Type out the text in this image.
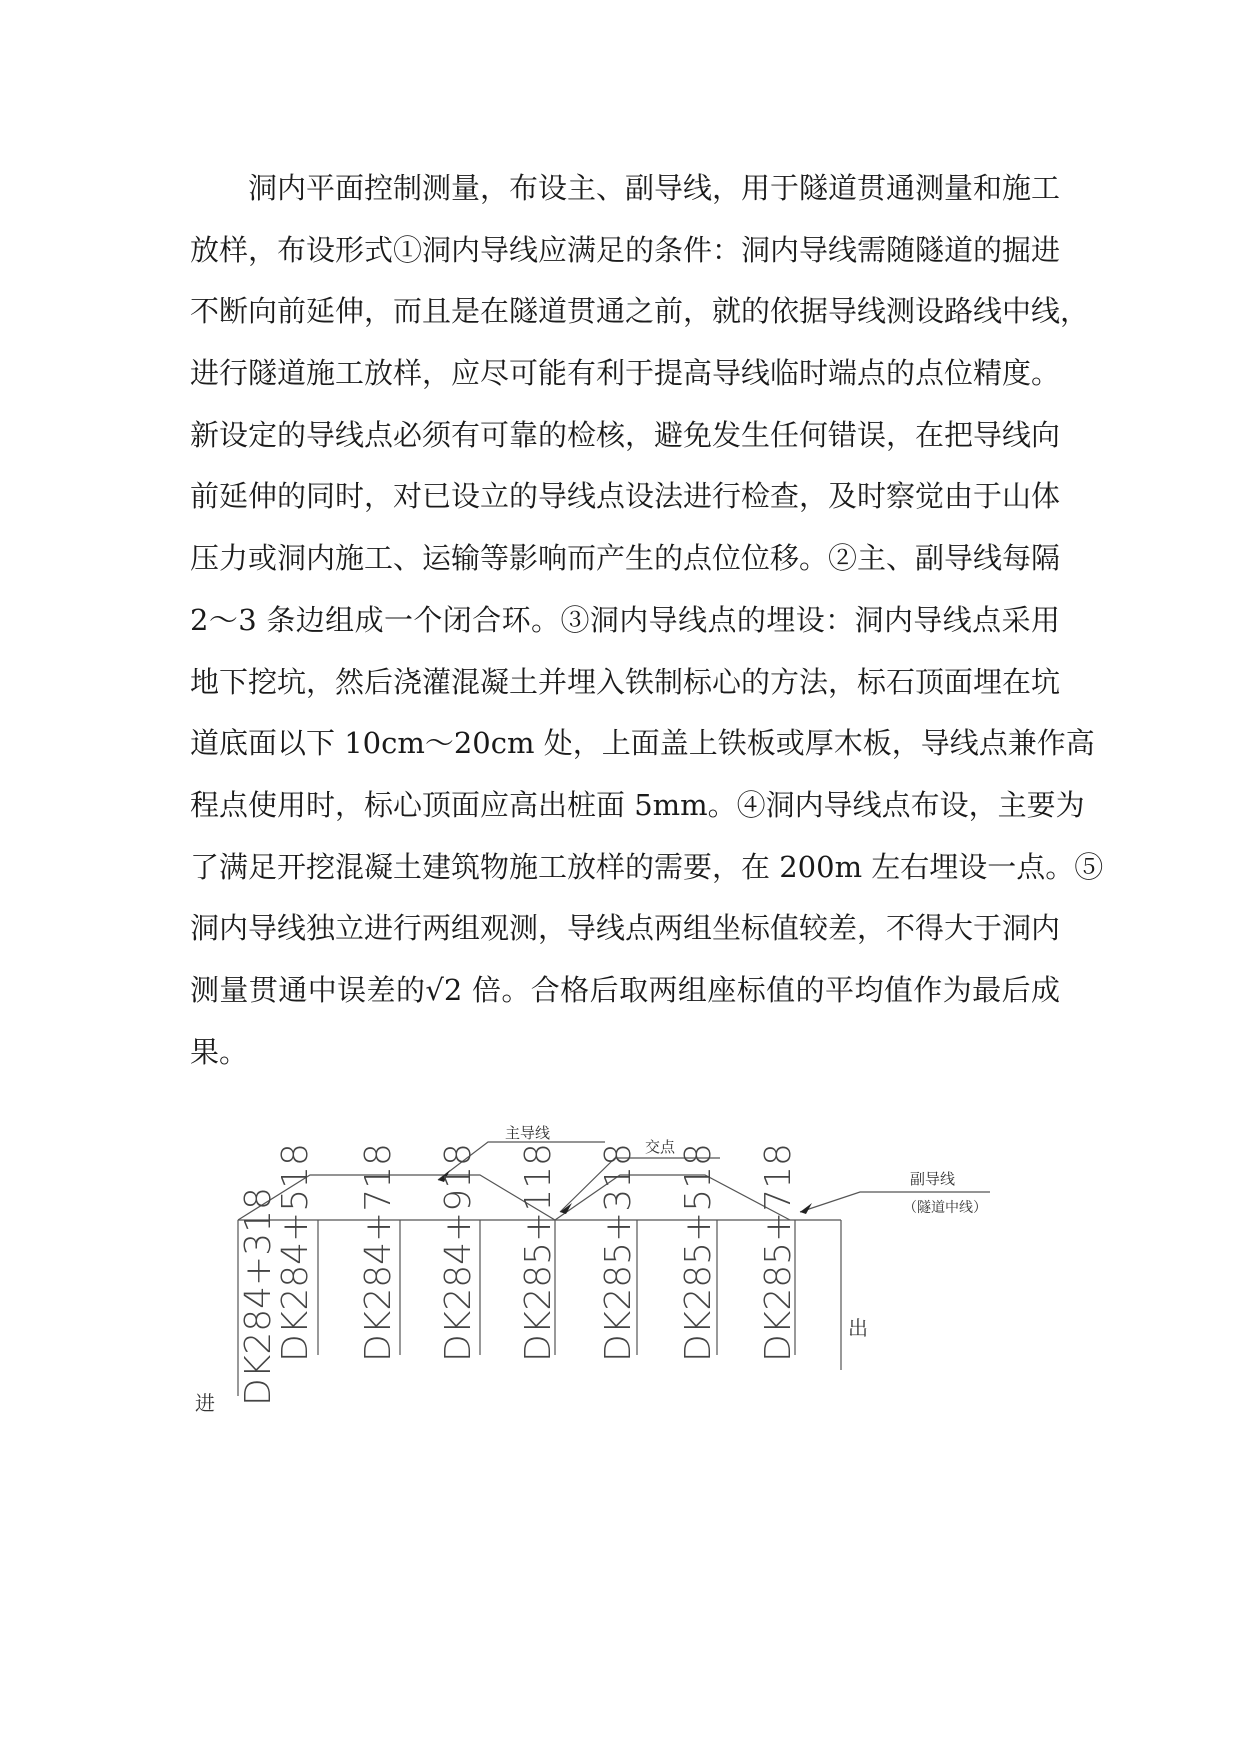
洞内平面控制测量，布设主、副导线，用于隧道贯通测量和施工
放样，布设形式①洞内导线应满足的条件：洞内导线需随隧道的掘进
不断向前延伸，而且是在隧道贯通之前，就的依据导线测设路线中线，
进行隧道施工放样，应尽可能有利于提高导线临时端点的点位精度。
新设定的导线点必须有可靠的检核，避免发生任何错误，在把导线向
前延伸的同时，对已设立的导线点设法进行检查，及时察觉由于山体
压力或洞内施工、运输等影响而产生的点位位移。②主、副导线每隔
2～3 条边组成一个闭合环。③洞内导线点的埋设：洞内导线点采用
地下挖坑，然后浇灌混凝土并埋入铁制标心的方法，标石顶面埋在坑
道底面以下 10cm～20cm 处，上面盖上铁板或厚木板，导线点兼作高
程点使用时，标心顶面应高出桩面 5mm。④洞内导线点布设，主要为
了满足开挖混凝土建筑物施工放样的需要，在 200m 左右埋设一点。⑤
洞内导线独立进行两组观测，导线点两组坐标值较差，不得大于洞内
测量贯通中误差的√2 倍。合格后取两组座标值的平均值作为最后成
果。
主导线
交点
副导线
（隧道中线）
进
出
DK284+318
DK284+518 DK284+718 DK284+918 DK285+118 DK285+318 DK285+518 DK285+718
